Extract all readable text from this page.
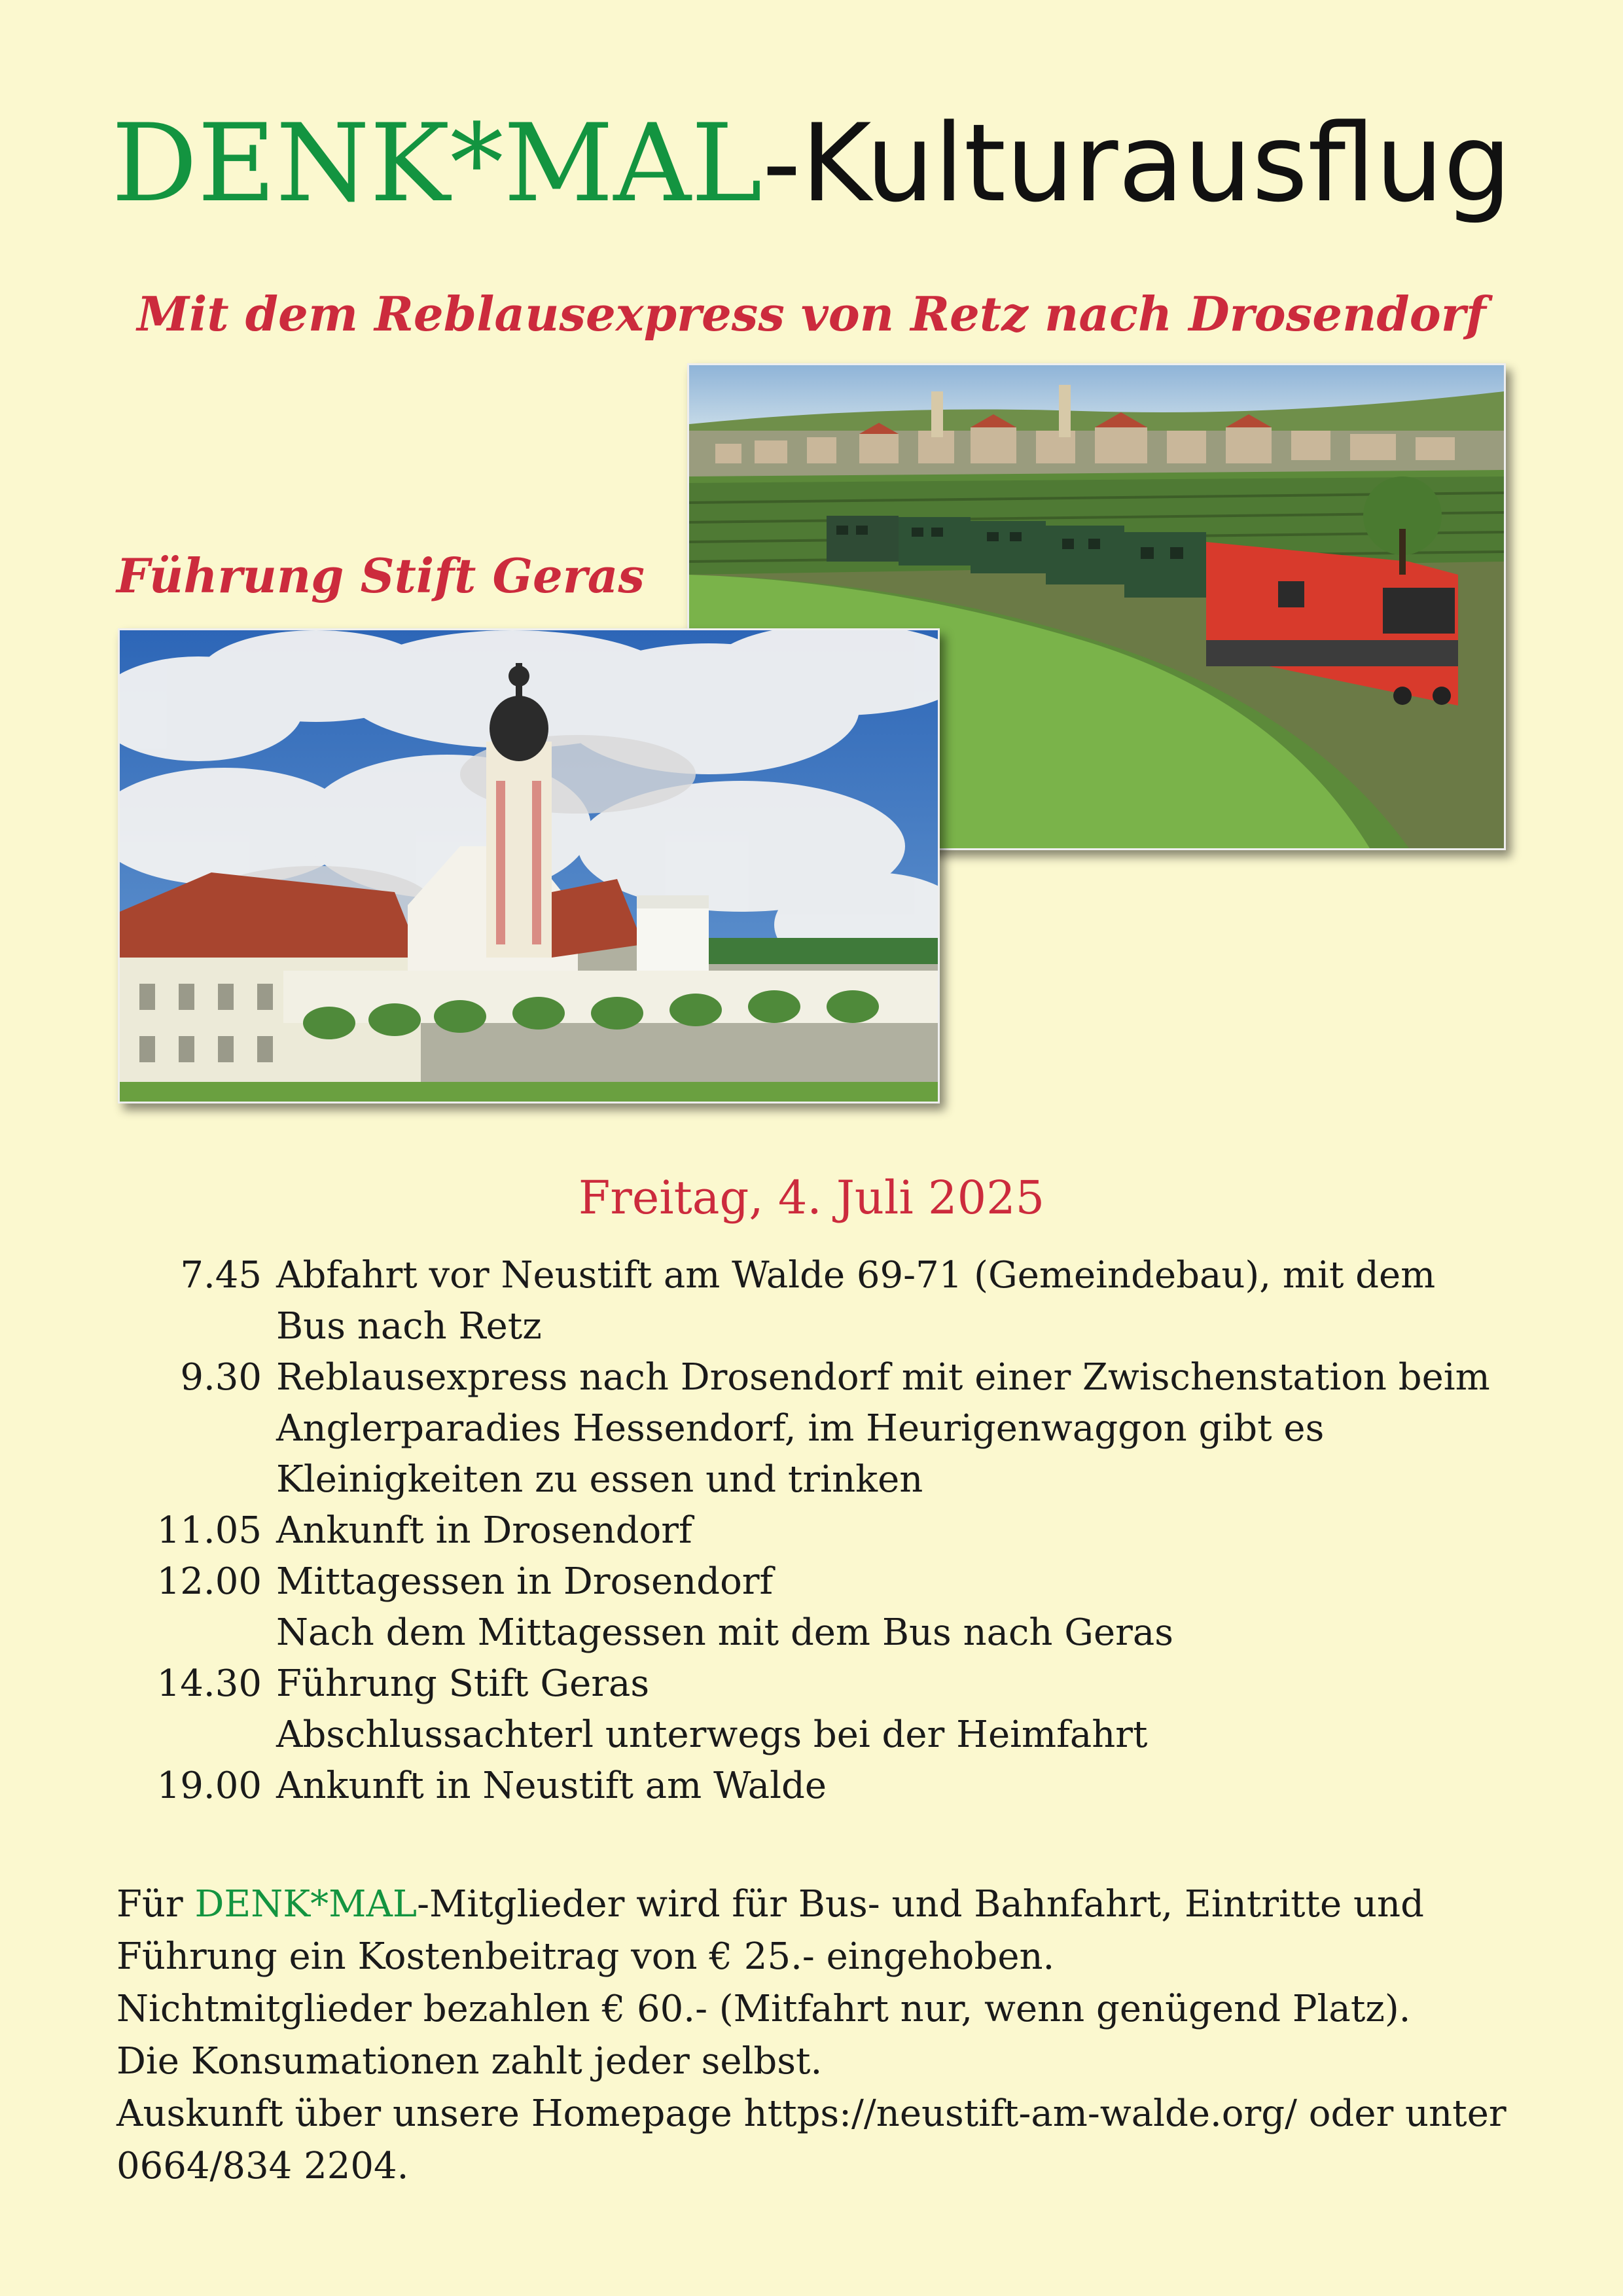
DENK*MAL-Kulturausflug
Mit dem Reblausexpress von Retz nach Drosendorf
Führung Stift Geras
Freitag, 4. Juli 2025
7.45 Abfahrt vor Neustift am Walde 69-71 (Gemeindebau), mit dem
Bus nach Retz
9.30 Reblausexpress nach Drosendorf mit einer Zwischenstation beim
Anglerparadies Hessendorf, im Heurigenwaggon gibt es
Kleinigkeiten zu essen und trinken
11.05 Ankunft in Drosendorf
12.00 Mittagessen in Drosendorf
Nach dem Mittagessen mit dem Bus nach Geras
14.30 Führung Stift Geras
Abschlussachterl unterwegs bei der Heimfahrt
19.00 Ankunft in Neustift am Walde
Für DENK*MAL-Mitglieder wird für Bus- und Bahnfahrt, Eintritte und
Führung ein Kostenbeitrag von € 25.- eingehoben.
Nichtmitglieder bezahlen € 60.- (Mitfahrt nur, wenn genügend Platz).
Die Konsumationen zahlt jeder selbst.
Auskunft über unsere Homepage https://neustift-am-walde.org/ oder unter
0664/834 2204.
